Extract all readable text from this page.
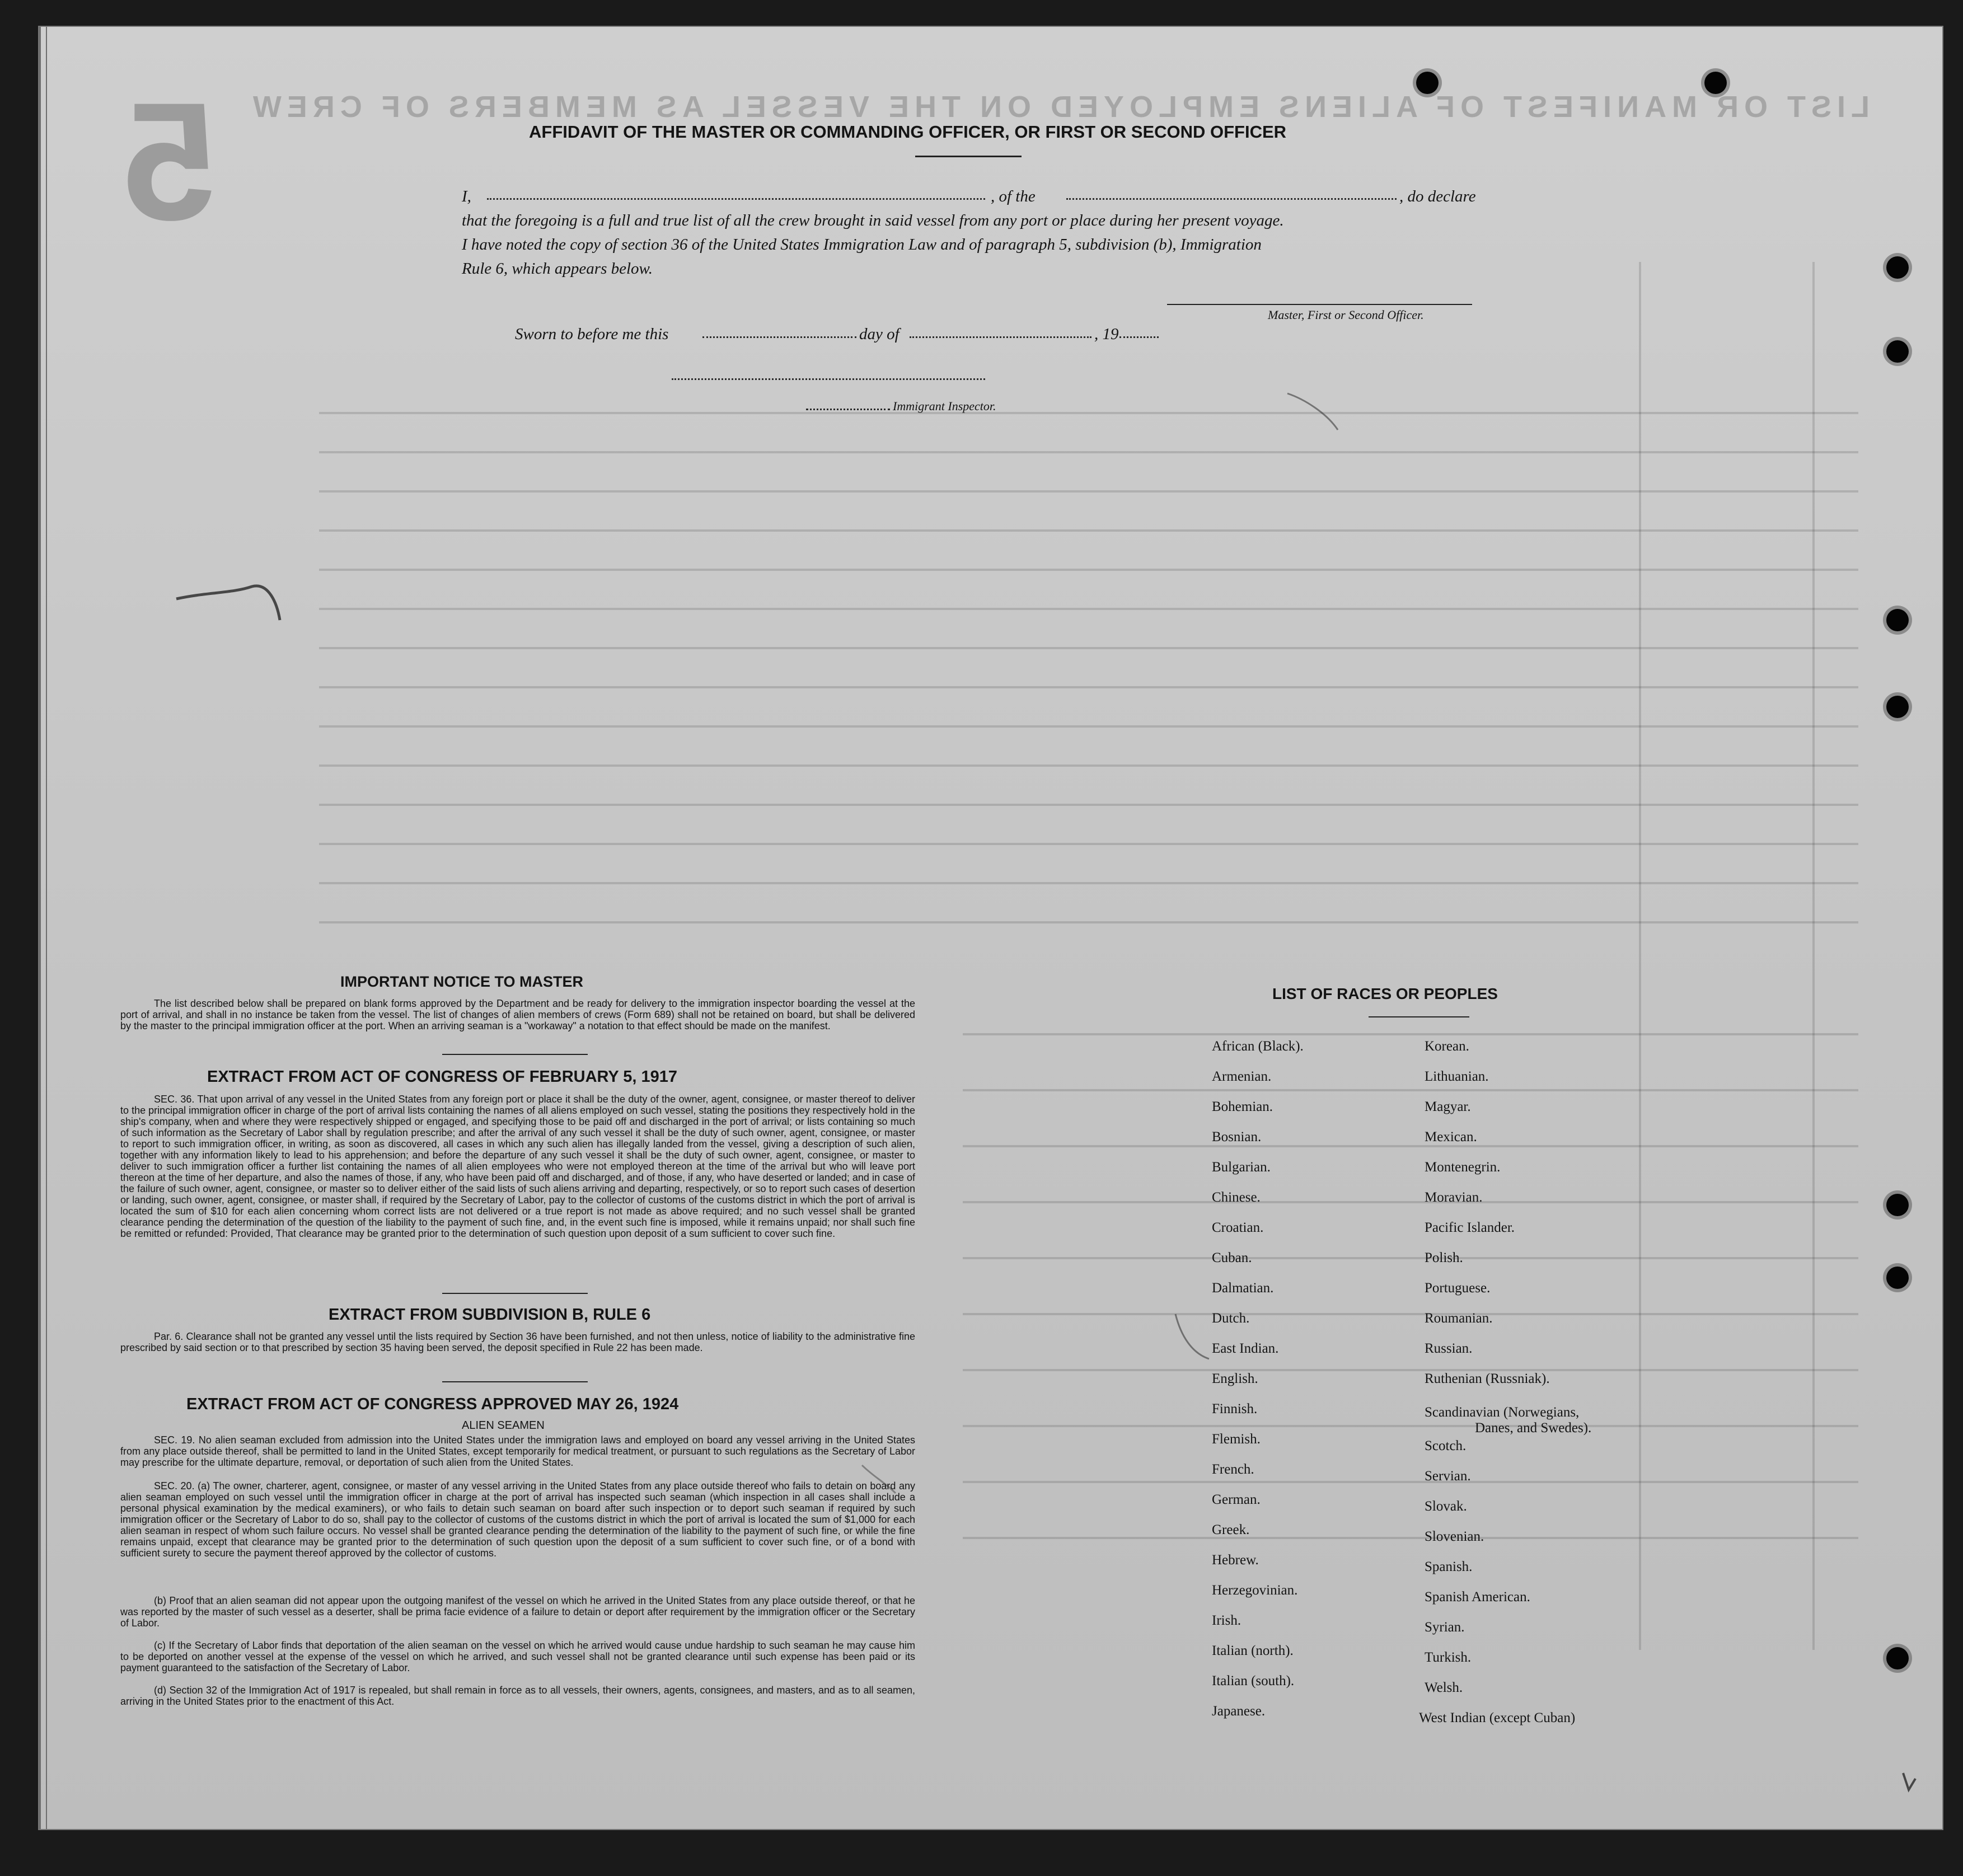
5 LIST OR MANIFEST OF ALIENS EMPLOYED ON THE VESSEL AS MEMBERS OF CREW
AFFIDAVIT OF THE MASTER OR COMMANDING OFFICER, OR FIRST OR SECOND OFFICER
I,	, of the	, do declare
that the foregoing is a full and true list of all the crew brought in said vessel from any port or place during her present voyage.
I have noted the copy of section 36 of the United States Immigration Law and of paragraph 5, subdivision (b), Immigration
Rule 6, which appears below.
Master, First or Second Officer.
Sworn to before me this	day of	, 19
Immigrant Inspector.
IMPORTANT NOTICE TO MASTER
The list described below shall be prepared on blank forms approved by the Department and be ready for delivery to the immigration inspector boarding the vessel at the port of arrival, and shall in no instance be taken from the vessel. The list of changes of alien members of crews (Form 689) shall not be retained on board, but shall be delivered by the master to the principal immigration officer at the port. When an arriving seaman is a "workaway" a notation to that effect should be made on the manifest.
EXTRACT FROM ACT OF CONGRESS OF FEBRUARY 5, 1917
SEC. 36. That upon arrival of any vessel in the United States from any foreign port or place it shall be the duty of the owner, agent, consignee, or master thereof to deliver to the principal immigration officer in charge of the port of arrival lists containing the names of all aliens employed on such vessel, stating the positions they respectively hold in the ship's company, when and where they were respectively shipped or engaged, and specifying those to be paid off and discharged in the port of arrival; or lists containing so much of such information as the Secretary of Labor shall by regulation prescribe; and after the arrival of any such vessel it shall be the duty of such owner, agent, consignee, or master to report to such immigration officer, in writing, as soon as discovered, all cases in which any such alien has illegally landed from the vessel, giving a description of such alien, together with any information likely to lead to his apprehension; and before the departure of any such vessel it shall be the duty of such owner, agent, consignee, or master to deliver to such immigration officer a further list containing the names of all alien employees who were not employed thereon at the time of the arrival but who will leave port thereon at the time of her departure, and also the names of those, if any, who have been paid off and discharged, and of those, if any, who have deserted or landed; and in case of the failure of such owner, agent, consignee, or master so to deliver either of the said lists of such aliens arriving and departing, respectively, or so to report such cases of desertion or landing, such owner, agent, consignee, or master shall, if required by the Secretary of Labor, pay to the collector of customs of the customs district in which the port of arrival is located the sum of $10 for each alien concerning whom correct lists are not delivered or a true report is not made as above required; and no such vessel shall be granted clearance pending the determination of the question of the liability to the payment of such fine, and, in the event such fine is imposed, while it remains unpaid; nor shall such fine be remitted or refunded: Provided, That clearance may be granted prior to the determination of such question upon deposit of a sum sufficient to cover such fine.
EXTRACT FROM SUBDIVISION B, RULE 6
Par. 6. Clearance shall not be granted any vessel until the lists required by Section 36 have been furnished, and not then unless, notice of liability to the administrative fine prescribed by said section or to that prescribed by section 35 having been served, the deposit specified in Rule 22 has been made.
EXTRACT FROM ACT OF CONGRESS APPROVED MAY 26, 1924
ALIEN SEAMEN
SEC. 19. No alien seaman excluded from admission into the United States under the immigration laws and employed on board any vessel arriving in the United States from any place outside thereof, shall be permitted to land in the United States, except temporarily for medical treatment, or pursuant to such regulations as the Secretary of Labor may prescribe for the ultimate departure, removal, or deportation of such alien from the United States.
SEC. 20. (a) The owner, charterer, agent, consignee, or master of any vessel arriving in the United States from any place outside thereof who fails to detain on board any alien seaman employed on such vessel until the immigration officer in charge at the port of arrival has inspected such seaman (which inspection in all cases shall include a personal physical examination by the medical examiners), or who fails to detain such seaman on board after such inspection or to deport such seaman if required by such immigration officer or the Secretary of Labor to do so, shall pay to the collector of customs of the customs district in which the port of arrival is located the sum of $1,000 for each alien seaman in respect of whom such failure occurs. No vessel shall be granted clearance pending the determination of the liability to the payment of such fine, or while the fine remains unpaid, except that clearance may be granted prior to the determination of such question upon the deposit of a sum sufficient to cover such fine, or of a bond with sufficient surety to secure the payment thereof approved by the collector of customs.
(b) Proof that an alien seaman did not appear upon the outgoing manifest of the vessel on which he arrived in the United States from any place outside thereof, or that he was reported by the master of such vessel as a deserter, shall be prima facie evidence of a failure to detain or deport after requirement by the immigration officer or the Secretary of Labor.
(c) If the Secretary of Labor finds that deportation of the alien seaman on the vessel on which he arrived would cause undue hardship to such seaman he may cause him to be deported on another vessel at the expense of the vessel on which he arrived, and such vessel shall not be granted clearance until such expense has been paid or its payment guaranteed to the satisfaction of the Secretary of Labor.
(d) Section 32 of the Immigration Act of 1917 is repealed, but shall remain in force as to all vessels, their owners, agents, consignees, and masters, and as to all seamen, arriving in the United States prior to the enactment of this Act.
LIST OF RACES OR PEOPLES
African (Black).
Armenian.
Bohemian.
Bosnian.
Bulgarian.
Chinese.
Croatian.
Cuban.
Dalmatian.
Dutch.
East Indian.
English.
Finnish.
Flemish.
French.
German.
Greek.
Hebrew.
Herzegovinian.
Irish.
Italian (north).
Italian (south).
Japanese.
Korean.
Lithuanian.
Magyar.
Mexican.
Montenegrin.
Moravian.
Pacific Islander.
Polish.
Portuguese.
Roumanian.
Russian.
Ruthenian (Russniak).
Scandinavian (Norwegians,
Danes, and Swedes).
Scotch.
Servian.
Slovak.
Slovenian.
Spanish.
Spanish American.
Syrian.
Turkish.
Welsh.
West Indian (except Cuban)
